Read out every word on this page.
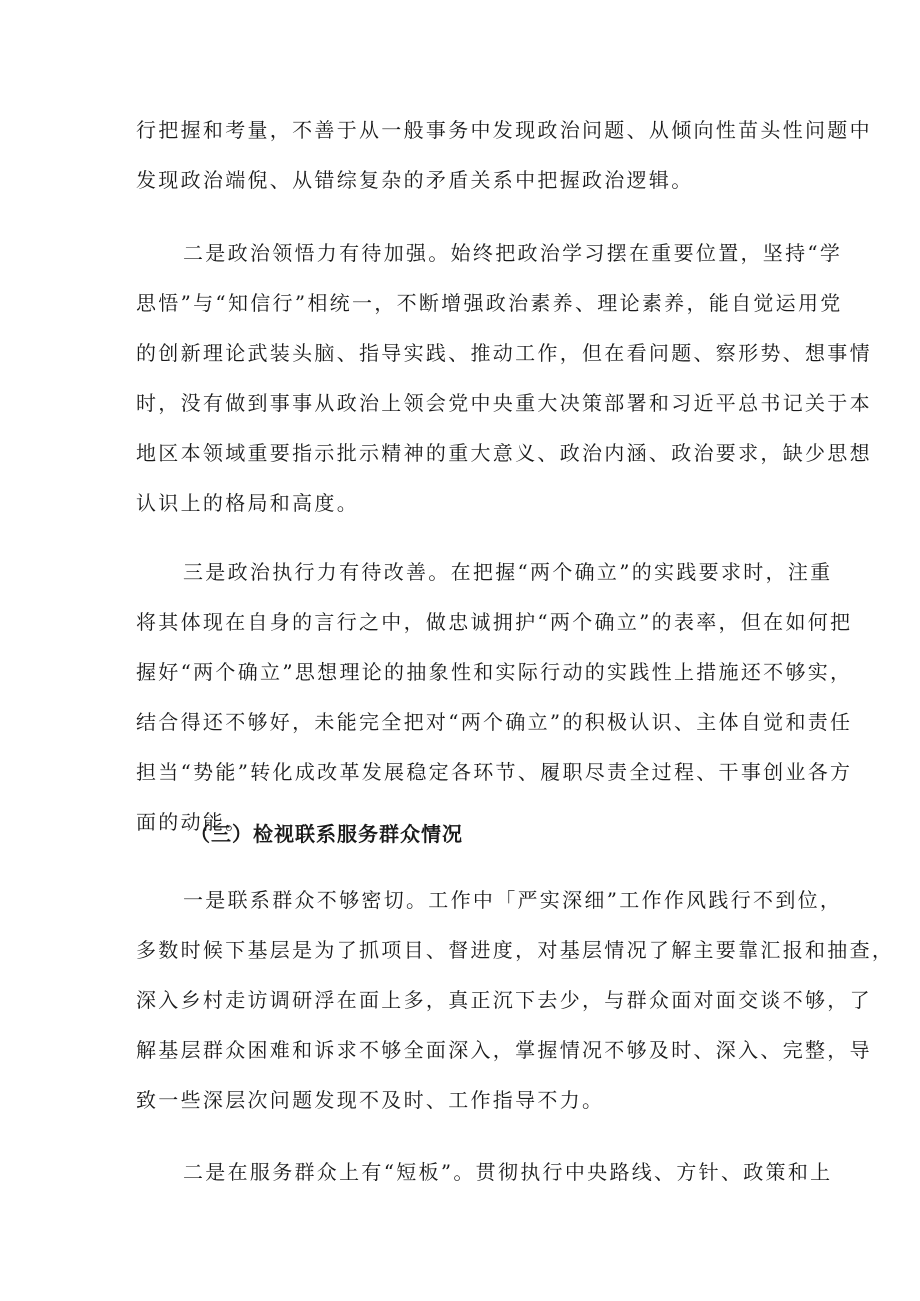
行把握和考量，不善于从一般事务中发现政治问题、从倾向性苗头性问题中
发现政治端倪、从错综复杂的矛盾关系中把握政治逻辑。
二是政治领悟力有待加强。始终把政治学习摆在重要位置，坚持“学
思悟”与“知信行”相统一，不断增强政治素养、理论素养，能自觉运用党
的创新理论武装头脑、指导实践、推动工作，但在看问题、察形势、想事情
时，没有做到事事从政治上领会党中央重大决策部署和习近平总书记关于本
地区本领域重要指示批示精神的重大意义、政治内涵、政治要求，缺少思想
认识上的格局和高度。
三是政治执行力有待改善。在把握“两个确立”的实践要求时，注重
将其体现在自身的言行之中，做忠诚拥护“两个确立”的表率，但在如何把
握好“两个确立”思想理论的抽象性和实际行动的实践性上措施还不够实，
结合得还不够好，未能完全把对“两个确立”的积极认识、主体自觉和责任
担当“势能”转化成改革发展稳定各环节、履职尽责全过程、干事创业各方
面的动能。
（三）检视联系服务群众情况
一是联系群众不够密切。工作中「严实深细”工作作风践行不到位，
多数时候下基层是为了抓项目、督进度，对基层情况了解主要靠汇报和抽查，
深入乡村走访调研浮在面上多，真正沉下去少，与群众面对面交谈不够，了
解基层群众困难和诉求不够全面深入，掌握情况不够及时、深入、完整，导
致一些深层次问题发现不及时、工作指导不力。
二是在服务群众上有“短板”。贯彻执行中央路线、方针、政策和上
